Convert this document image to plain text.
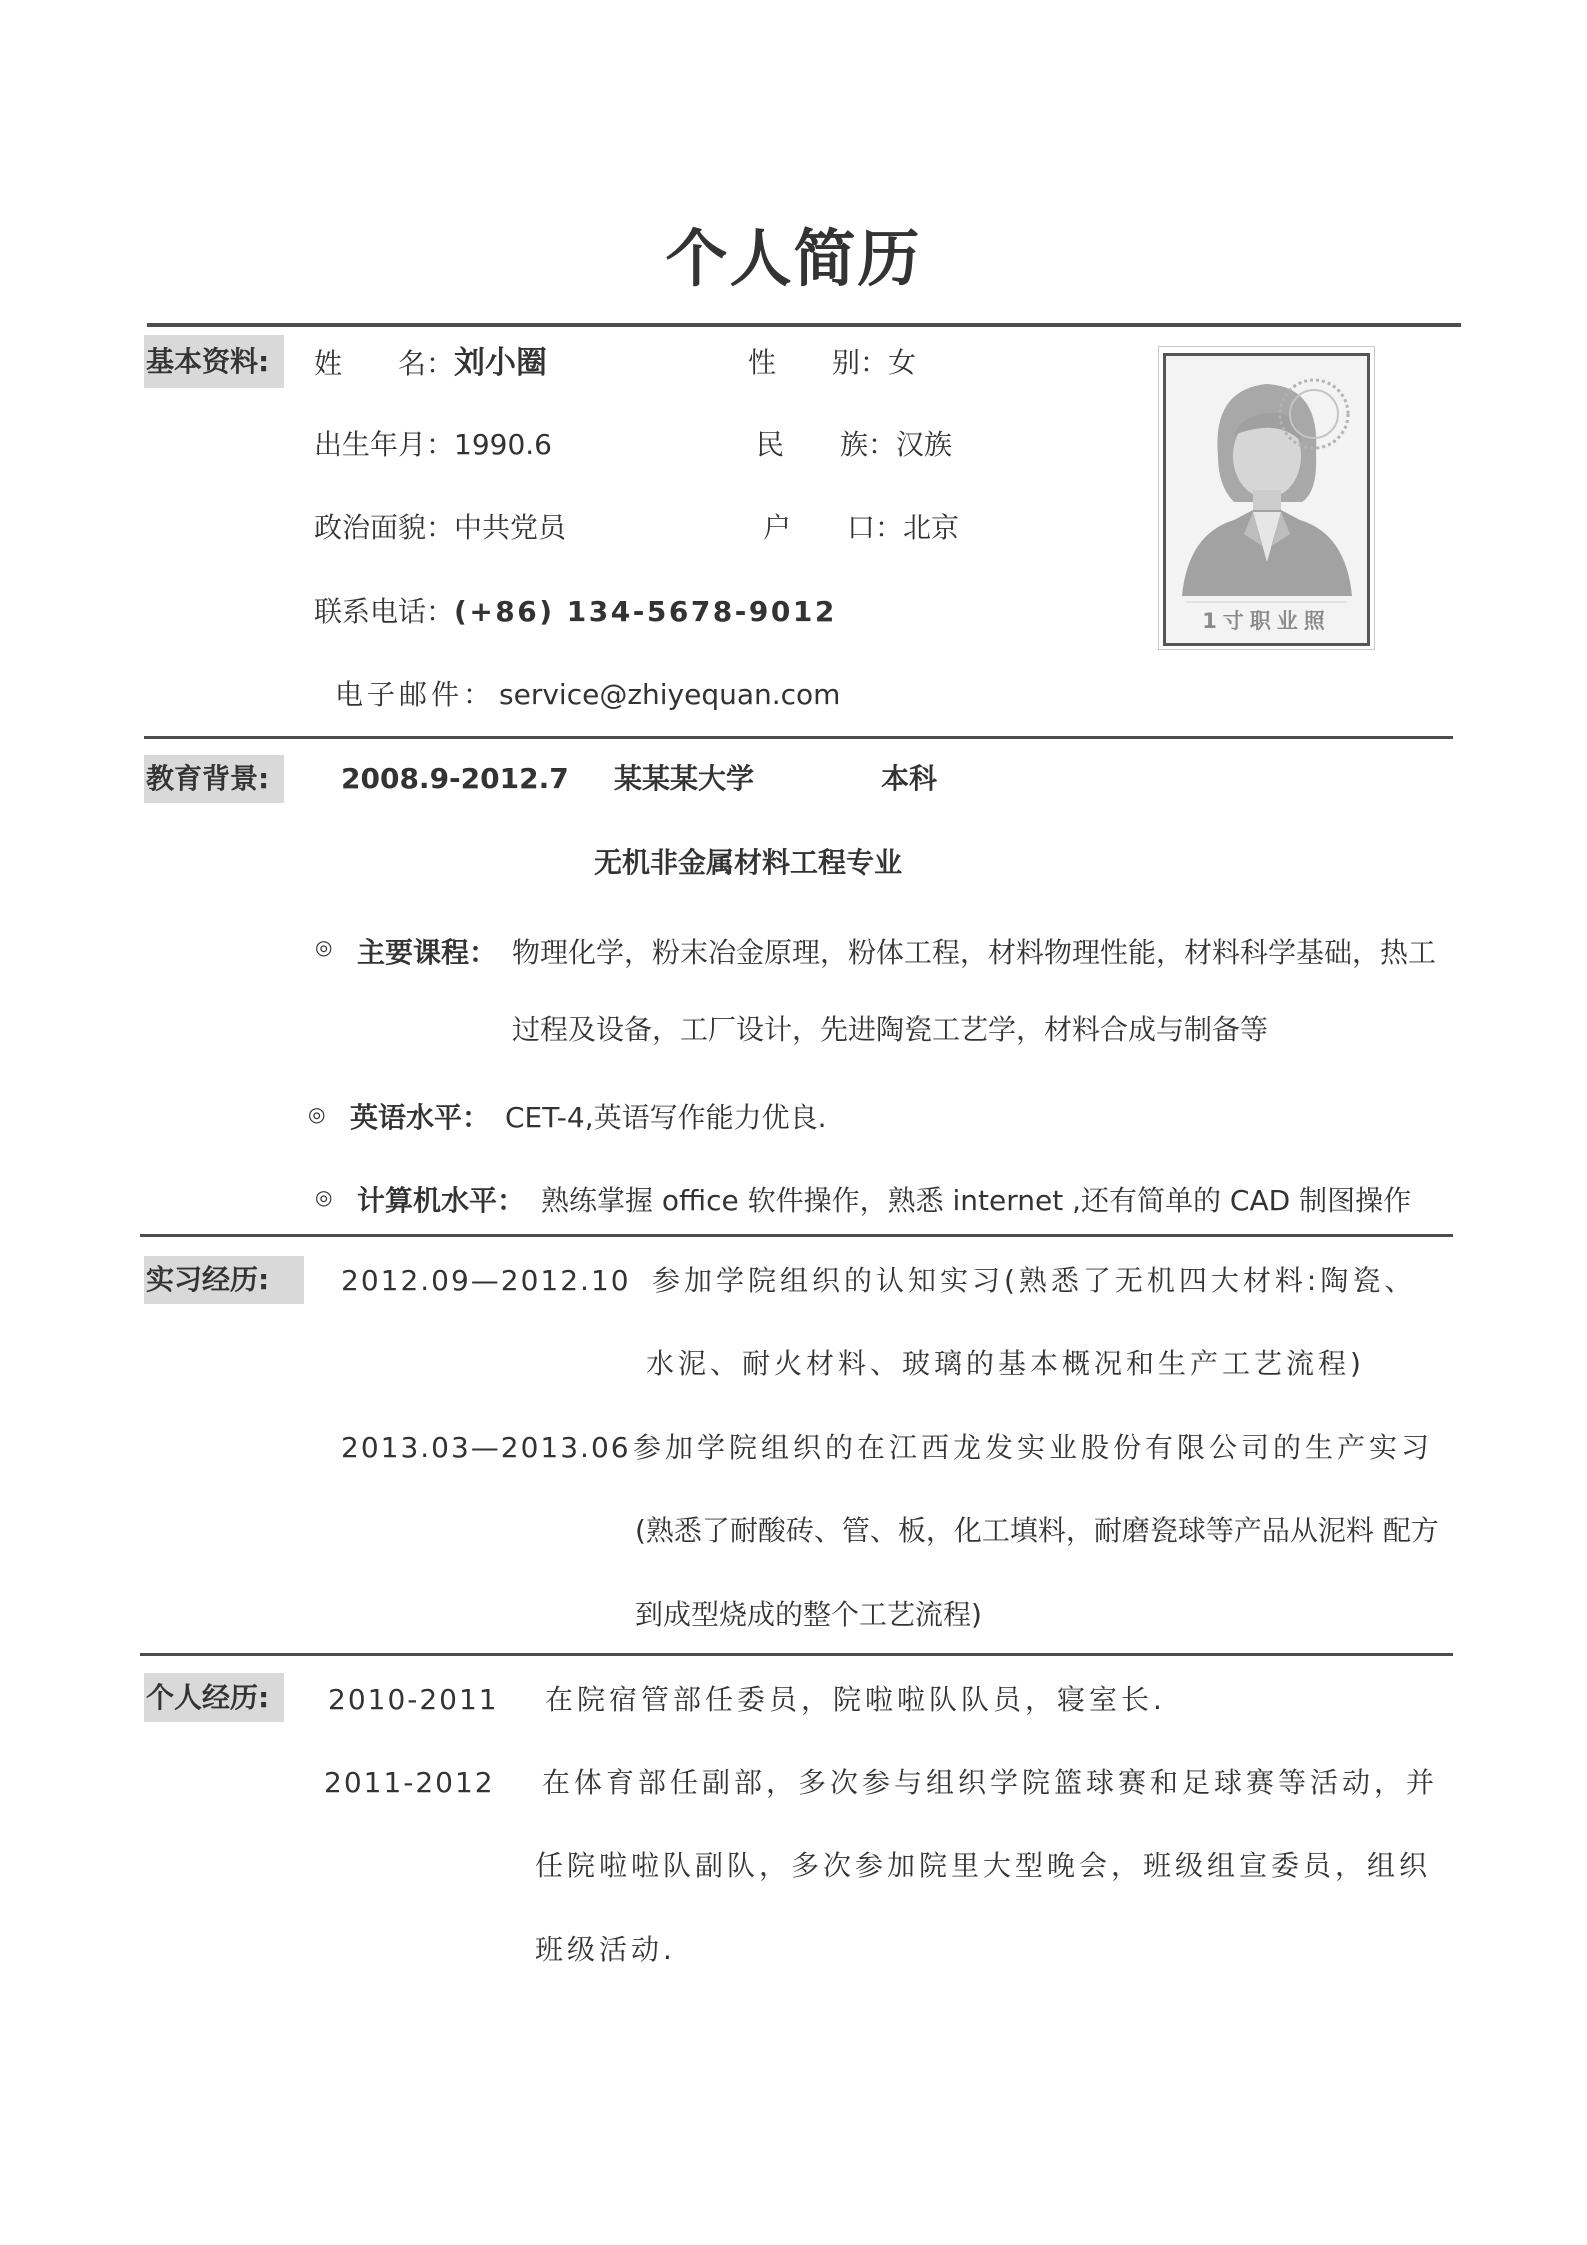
个人简历
基本资料:	姓　　名：刘小圈	性　　别：女
出生年月：1990.6	民　　族：汉族
政治面貌：中共党员	户　　口：北京
联系电话：(+86) 134-5678-9012
电子邮件： service@zhiyequan.com
1寸职业照
教育背景:	2008.9-2012.7 某某某大学	本科
无机非金属材料工程专业
◎ 主要课程： 物理化学，粉末冶金原理，粉体工程，材料物理性能，材料科学基础，热工
过程及设备，工厂设计，先进陶瓷工艺学，材料合成与制备等
◎ 英语水平： CET-4,英语写作能力优良.
◎ 计算机水平： 熟练掌握 office 软件操作，熟悉 internet ,还有简单的 CAD 制图操作
实习经历:	2012.09—2012.10 参加学院组织的认知实习(熟悉了无机四大材料:陶瓷、
水泥、耐火材料、玻璃的基本概况和生产工艺流程)
2013.03—2013.06 参加学院组织的在江西龙发实业股份有限公司的生产实习
(熟悉了耐酸砖、管、板，化工填料，耐磨瓷球等产品从泥料 配方
到成型烧成的整个工艺流程)
个人经历:	2010-2011 在院宿管部任委员，院啦啦队队员，寝室长.
2011-2012 在体育部任副部，多次参与组织学院篮球赛和足球赛等活动，并
任院啦啦队副队，多次参加院里大型晚会，班级组宣委员，组织
班级活动.
